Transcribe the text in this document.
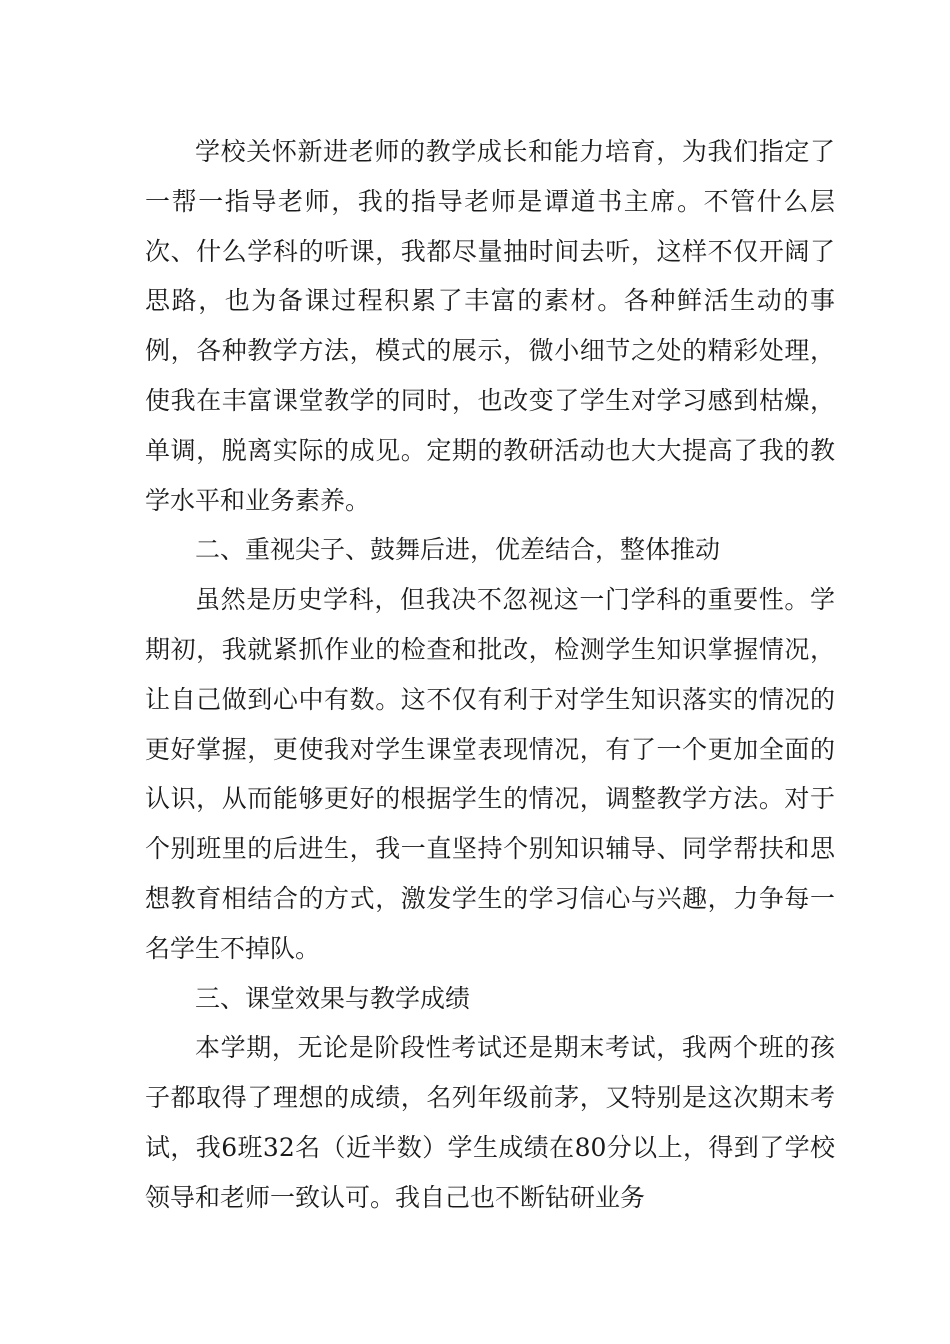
学校关怀新进老师的教学成长和能力培育，为我们指定了一帮一指导老师，我的指导老师是谭道书主席。不管什么层次、什么学科的听课，我都尽量抽时间去听，这样不仅开阔了思路，也为备课过程积累了丰富的素材。各种鲜活生动的事例，各种教学方法，模式的展示，微小细节之处的精彩处理，使我在丰富课堂教学的同时，也改变了学生对学习感到枯燥，单调，脱离实际的成见。定期的教研活动也大大提高了我的教学水平和业务素养。

二、重视尖子、鼓舞后进，优差结合，整体推动

虽然是历史学科，但我决不忽视这一门学科的重要性。学期初，我就紧抓作业的检查和批改，检测学生知识掌握情况，让自己做到心中有数。这不仅有利于对学生知识落实的情况的更好掌握，更使我对学生课堂表现情况，有了一个更加全面的认识，从而能够更好的根据学生的情况，调整教学方法。对于个别班里的后进生，我一直坚持个别知识辅导、同学帮扶和思想教育相结合的方式，激发学生的学习信心与兴趣，力争每一名学生不掉队。

三、课堂效果与教学成绩

本学期，无论是阶段性考试还是期末考试，我两个班的孩子都取得了理想的成绩，名列年级前茅，又特别是这次期末考试，我6班32名（近半数）学生成绩在80分以上，得到了学校领导和老师一致认可。我自己也不断钻研业务
